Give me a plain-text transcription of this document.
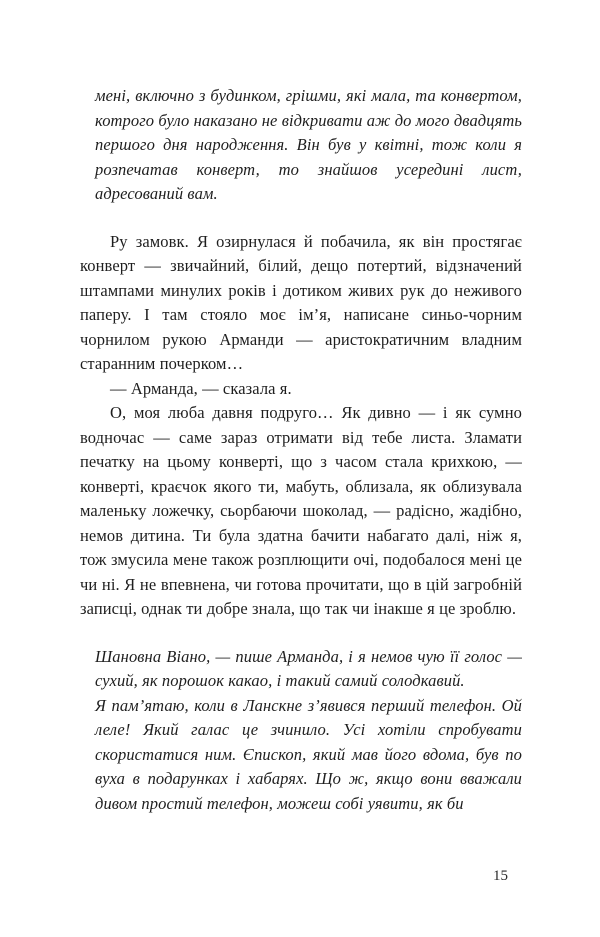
мені, включно з будинком, грішми, які мала, та конвертом, котрого було наказано не відкривати аж до мого двадцять першого дня народження. Він був у квітні, тож коли я розпечатав конверт, то знайшов усередині лист, адресований вам.

Ру замовк. Я озирнулася й побачила, як він простягає конверт — звичайний, білий, дещо потертий, відзначений штампами минулих років і дотиком живих рук до неживого паперу. І там стояло моє ім’я, написане синьо-чорним чорнилом рукою Арманди — аристократичним владним старанним почерком…

— Арманда, — сказала я.

О, моя люба давня подруго… Як дивно — і як сумно водночас — саме зараз отримати від тебе листа. Зламати печатку на цьому конверті, що з часом стала крихкою, — конверті, краєчок якого ти, мабуть, облизала, як облизувала маленьку ложечку, сьорбаючи шоколад, — радісно, жадібно, немов дитина. Ти була здатна бачити набагато далі, ніж я, тож змусила мене також розплющити очі, подобалося мені це чи ні. Я не впевнена, чи готова прочитати, що в цій загробній записці, однак ти добре знала, що так чи інакше я це зроблю.

Шановна Віано, — пише Арманда, і я немов чую її голос — сухий, як порошок какао, і такий самий солодкавий.

Я пам’ятаю, коли в Ланскне з’явився перший телефон. Ой леле! Який галас це зчинило. Усі хотіли спробувати скористатися ним. Єпископ, який мав його вдома, був по вуха в подарунках і хабарях. Що ж, якщо вони вважали дивом простий телефон, можеш собі уявити, як би

15
